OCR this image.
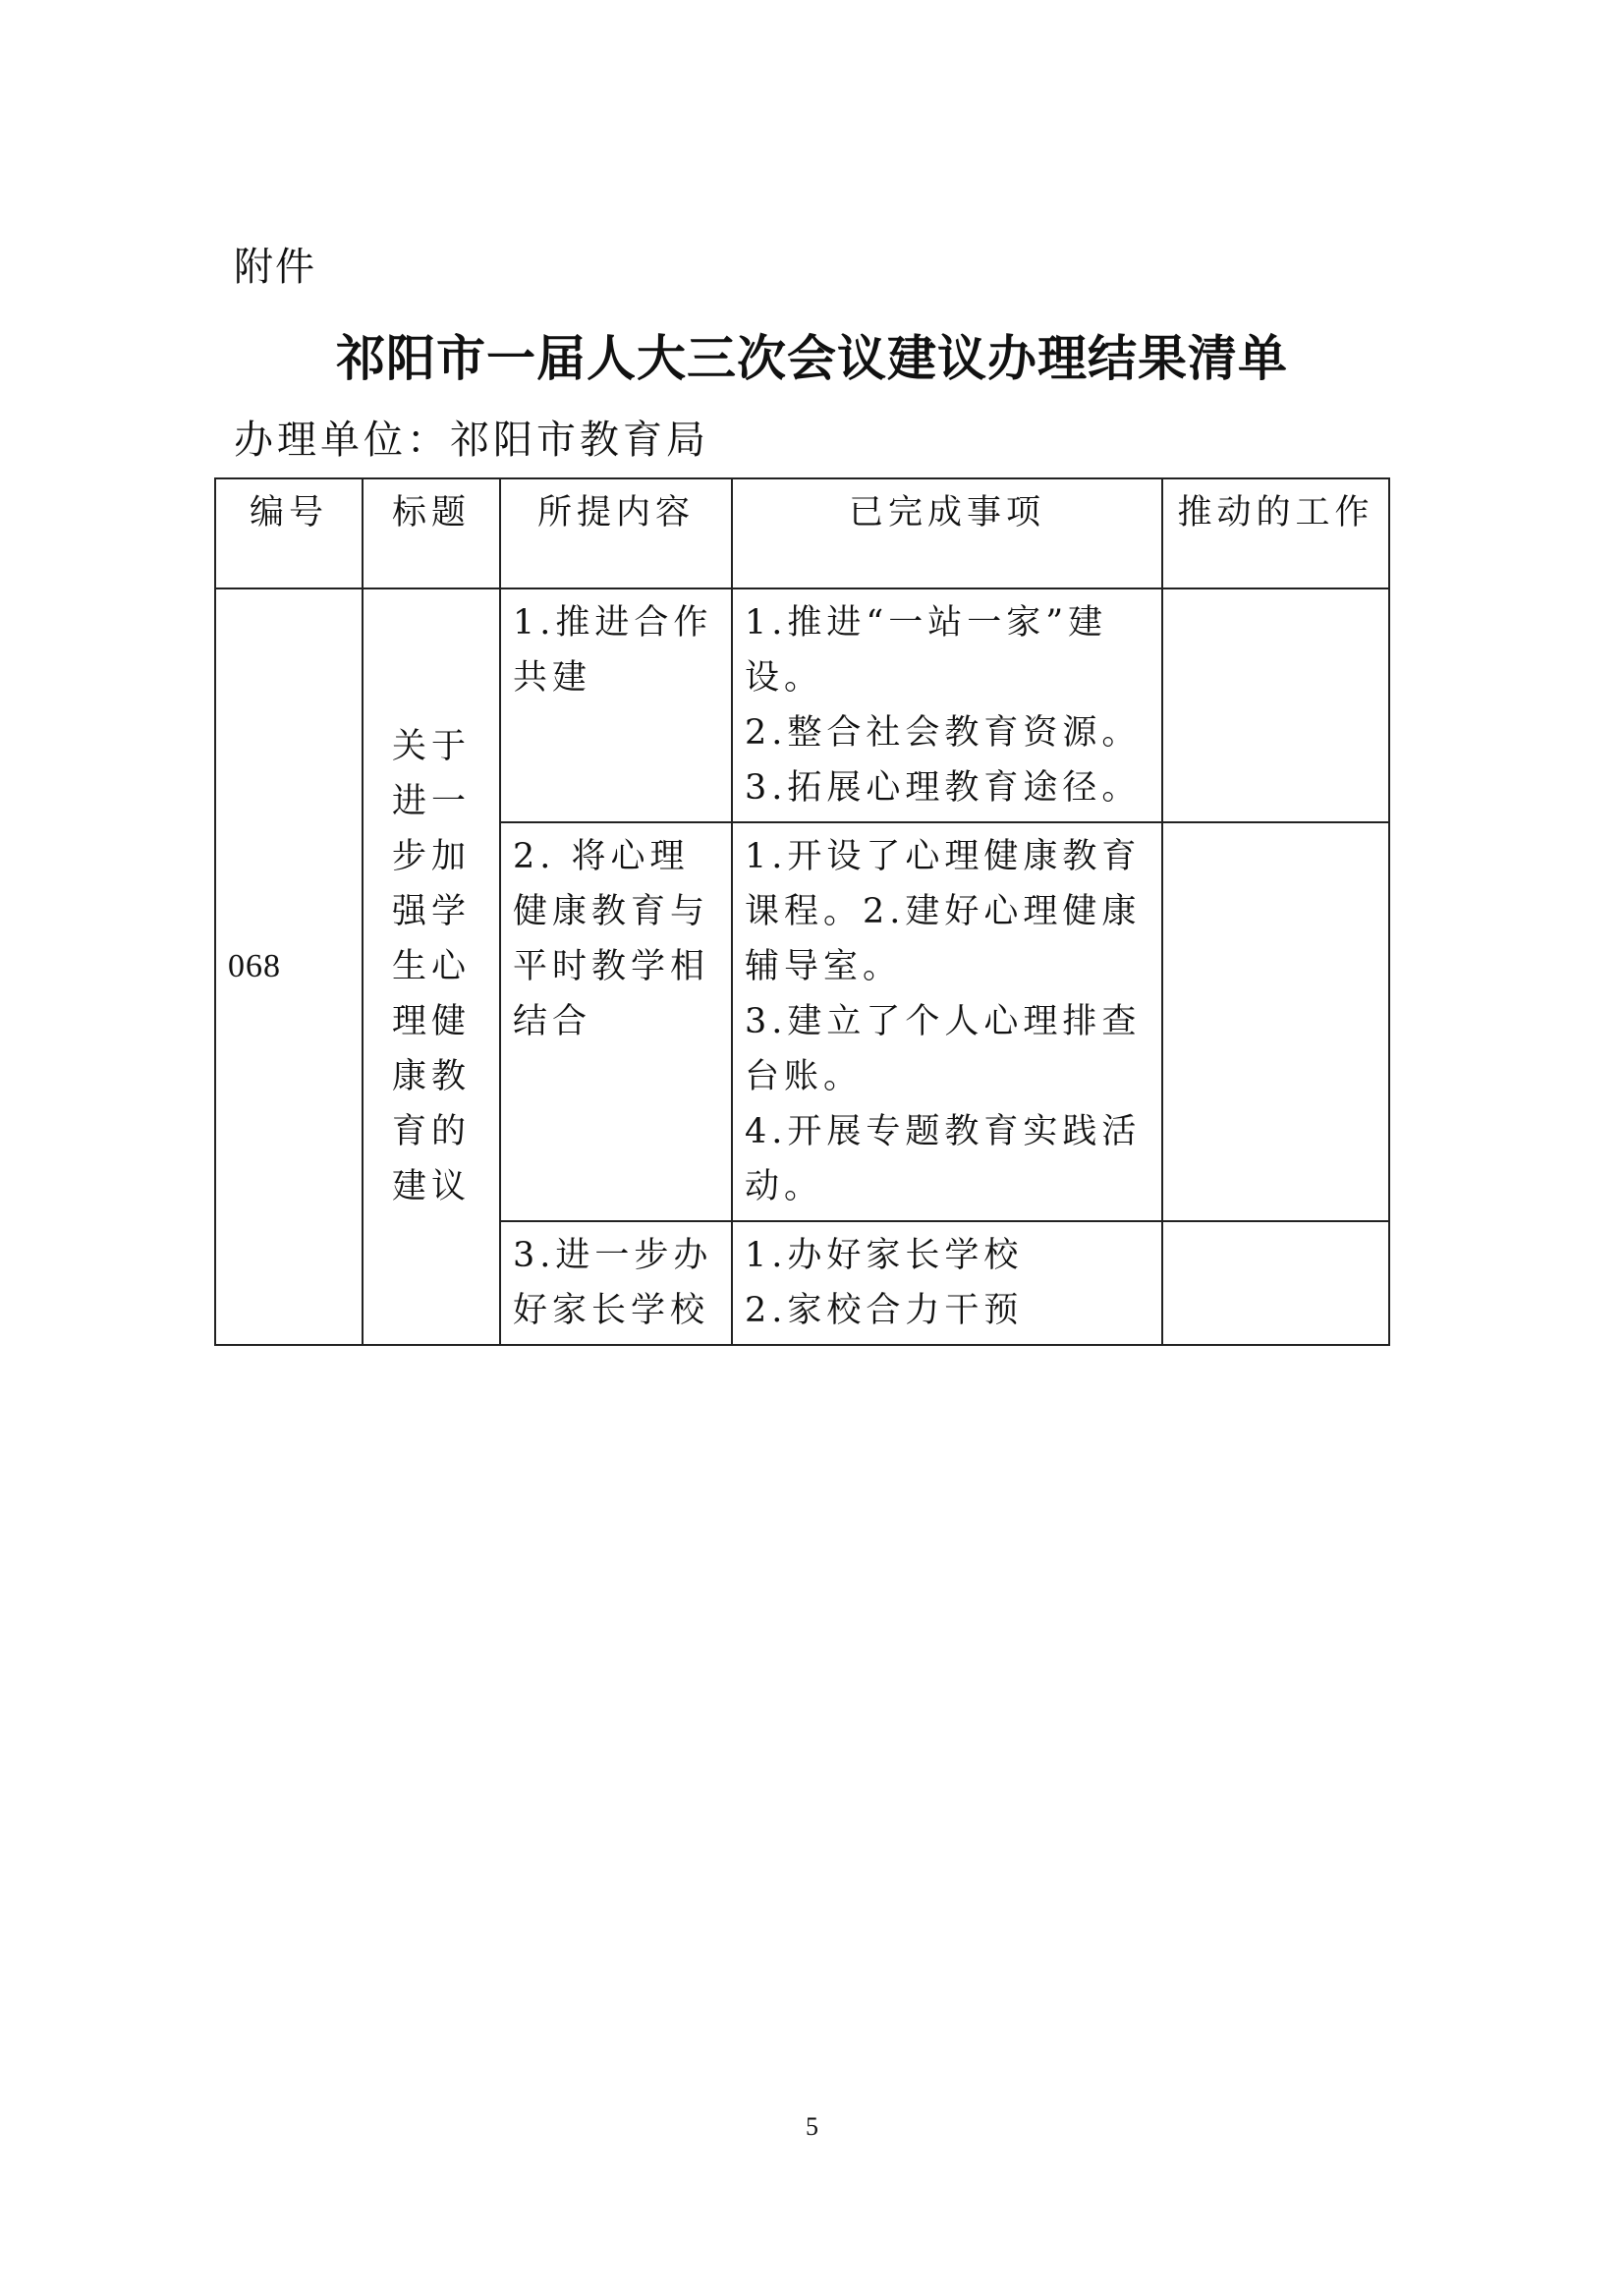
附件
祁阳市一届人大三次会议建议办理结果清单
办理单位：祁阳市教育局
编号	标题	所提内容	已完成事项	推动的工作
068	关于进一步加强学生心理健康教育的建议	1.推进合作共建	1.推进“一站一家”建设。
2.整合社会教育资源。
3.拓展心理教育途径。	

		2. 将心理健康教育与平时教学相结合	1.开设了心理健康教育课程。2.建好心理健康辅导室。
3.建立了个人心理排查台账。
4.开展专题教育实践活动。	

		3.进一步办好家长学校	1.办好家长学校
2.家校合力干预	

5
